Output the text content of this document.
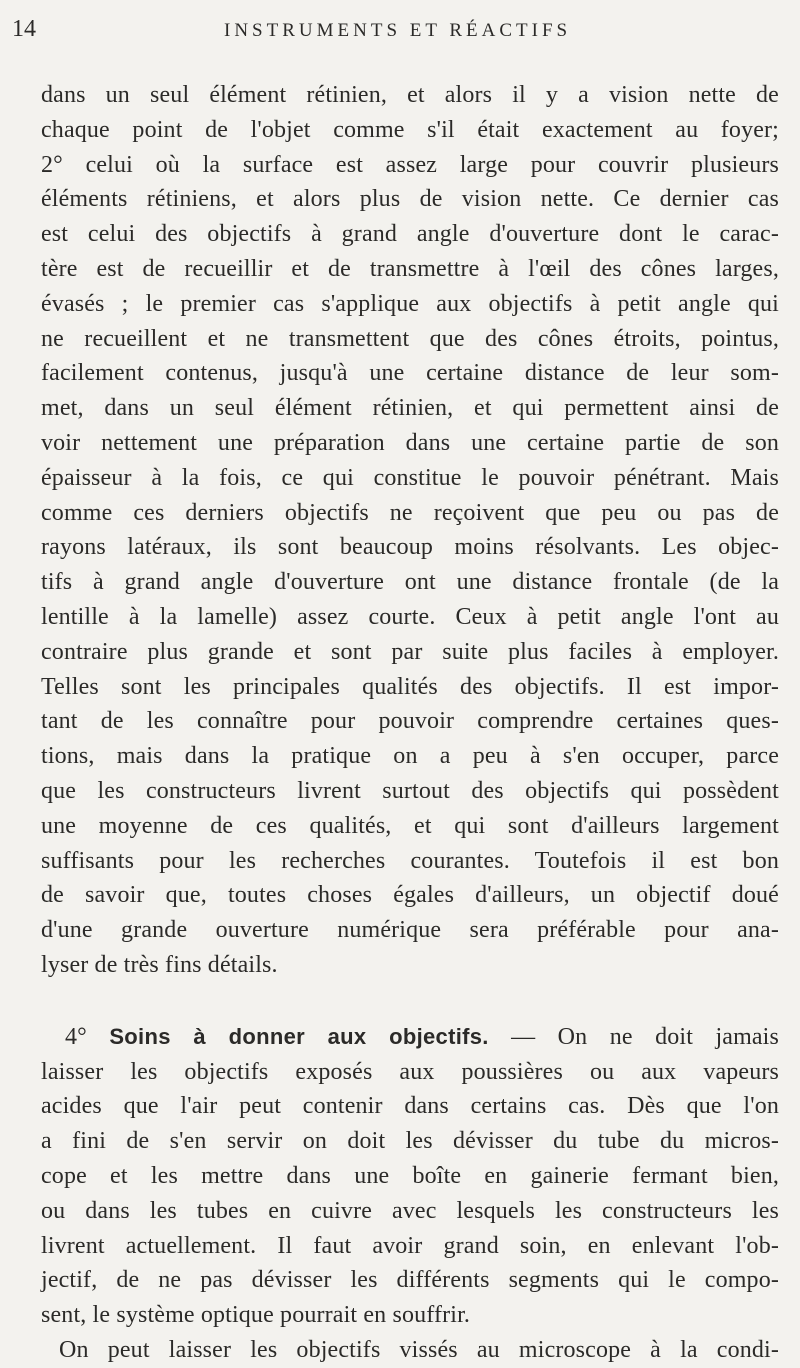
14	INSTRUMENTS ET RÉACTIFS
dans un seul élément rétinien, et alors il y a vision nette de
chaque point de l'objet comme s'il était exactement au foyer;
2° celui où la surface est assez large pour couvrir plusieurs
éléments rétiniens, et alors plus de vision nette. Ce dernier cas
est celui des objectifs à grand angle d'ouverture dont le carac-
tère est de recueillir et de transmettre à l'œil des cônes larges,
évasés ; le premier cas s'applique aux objectifs à petit angle qui
ne recueillent et ne transmettent que des cônes étroits, pointus,
facilement contenus, jusqu'à une certaine distance de leur som-
met, dans un seul élément rétinien, et qui permettent ainsi de
voir nettement une préparation dans une certaine partie de son
épaisseur à la fois, ce qui constitue le pouvoir pénétrant. Mais
comme ces derniers objectifs ne reçoivent que peu ou pas de
rayons latéraux, ils sont beaucoup moins résolvants. Les objec-
tifs à grand angle d'ouverture ont une distance frontale (de la
lentille à la lamelle) assez courte. Ceux à petit angle l'ont au
contraire plus grande et sont par suite plus faciles à employer.
Telles sont les principales qualités des objectifs. Il est impor-
tant de les connaître pour pouvoir comprendre certaines ques-
tions, mais dans la pratique on a peu à s'en occuper, parce
que les constructeurs livrent surtout des objectifs qui possèdent
une moyenne de ces qualités, et qui sont d'ailleurs largement
suffisants pour les recherches courantes. Toutefois il est bon
de savoir que, toutes choses égales d'ailleurs, un objectif doué
d'une grande ouverture numérique sera préférable pour ana-
lyser de très fins détails.
4° Soins à donner aux objectifs. — On ne doit jamais
laisser les objectifs exposés aux poussières ou aux vapeurs
acides que l'air peut contenir dans certains cas. Dès que l'on
a fini de s'en servir on doit les dévisser du tube du micros-
cope et les mettre dans une boîte en gainerie fermant bien,
ou dans les tubes en cuivre avec lesquels les constructeurs les
livrent actuellement. Il faut avoir grand soin, en enlevant l'ob-
jectif, de ne pas dévisser les différents segments qui le compo-
sent, le système optique pourrait en souffrir.
On peut laisser les objectifs vissés au microscope à la condi-
